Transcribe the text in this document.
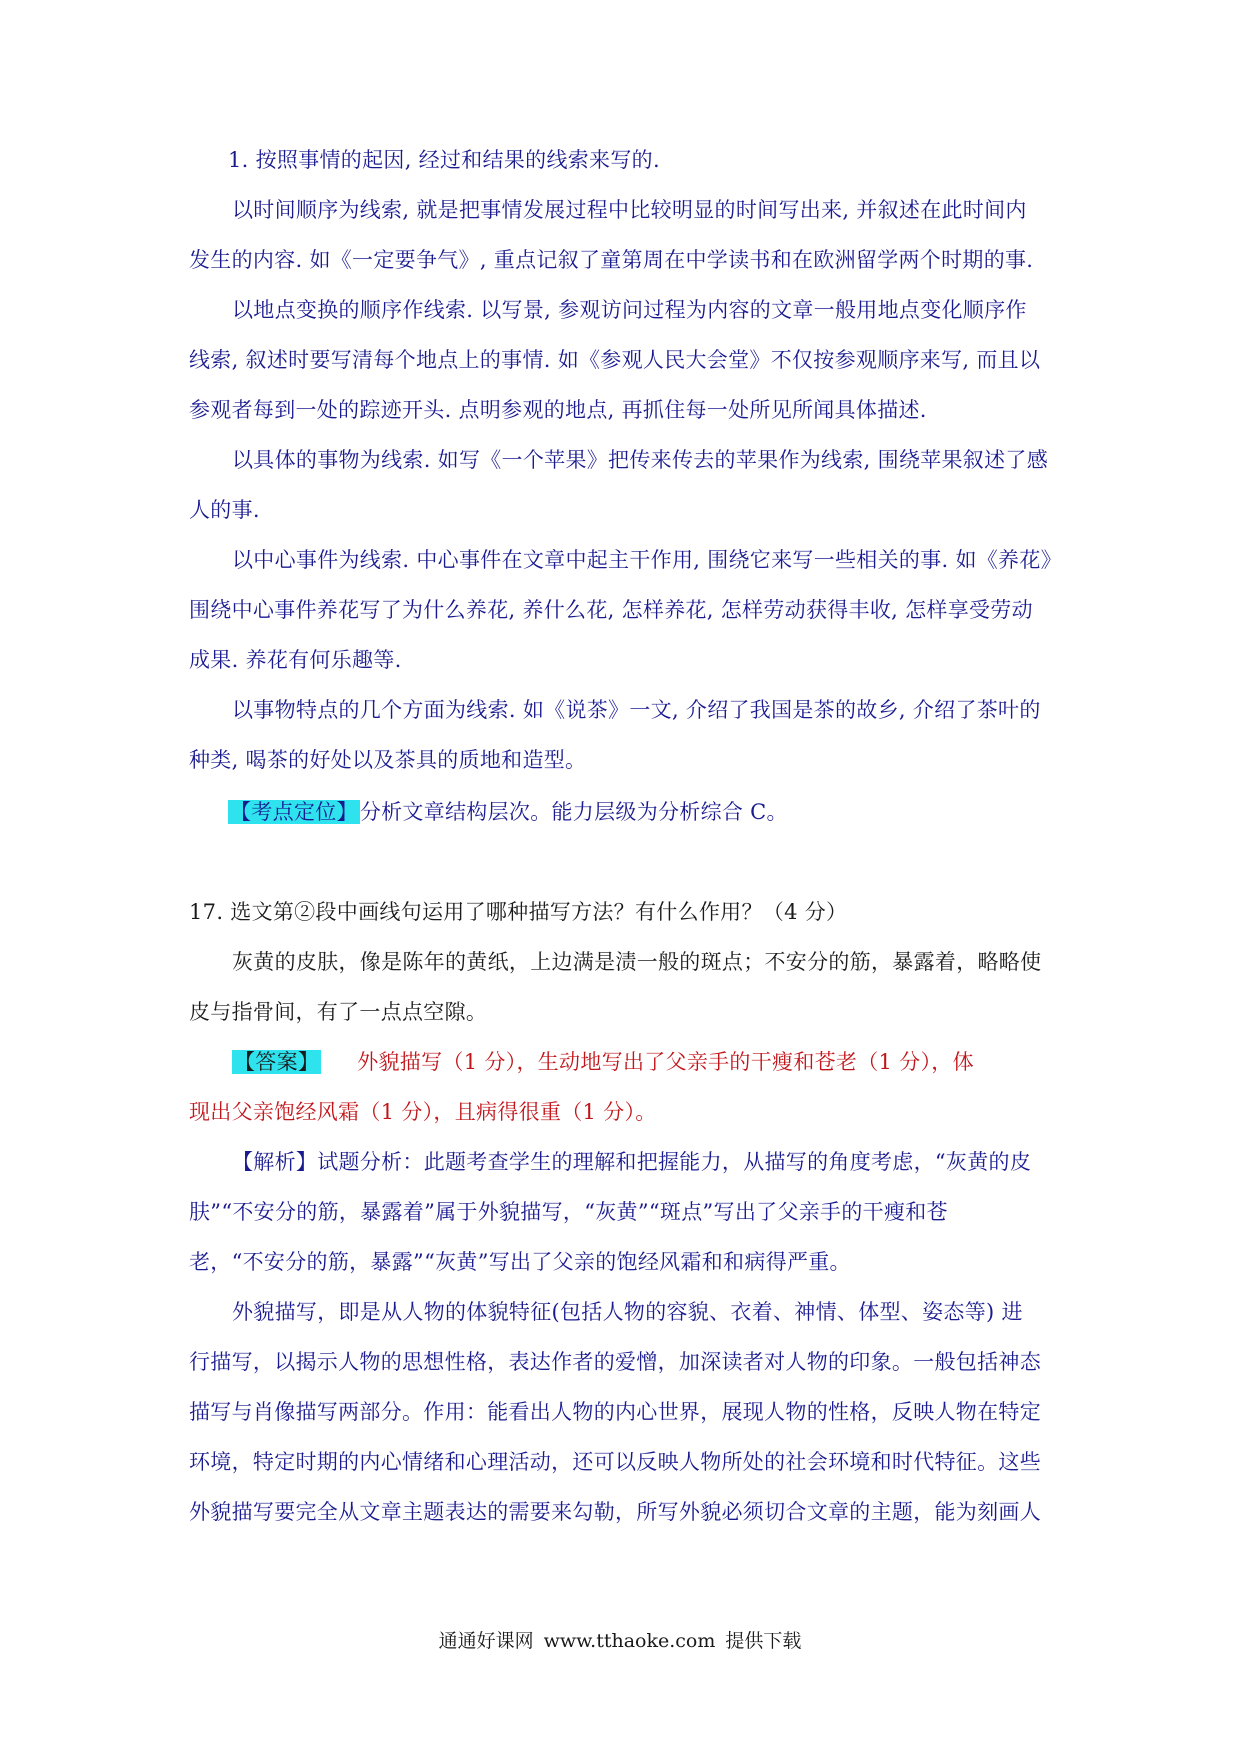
1. 按照事情的起因, 经过和结果的线索来写的.
以时间顺序为线索, 就是把事情发展过程中比较明显的时间写出来, 并叙述在此时间内
发生的内容. 如《一定要争气》, 重点记叙了童第周在中学读书和在欧洲留学两个时期的事.
以地点变换的顺序作线索. 以写景, 参观访问过程为内容的文章一般用地点变化顺序作
线索, 叙述时要写清每个地点上的事情. 如《参观人民大会堂》不仅按参观顺序来写, 而且以
参观者每到一处的踪迹开头. 点明参观的地点, 再抓住每一处所见所闻具体描述.
以具体的事物为线索. 如写《一个苹果》把传来传去的苹果作为线索, 围绕苹果叙述了感
人的事.
以中心事件为线索. 中心事件在文章中起主干作用, 围绕它来写一些相关的事. 如《养花》
围绕中心事件养花写了为什么养花, 养什么花, 怎样养花, 怎样劳动获得丰收, 怎样享受劳动
成果. 养花有何乐趣等.
以事物特点的几个方面为线索. 如《说茶》一文, 介绍了我国是茶的故乡, 介绍了茶叶的
种类, 喝茶的好处以及茶具的质地和造型。
【考点定位】分析文章结构层次。能力层级为分析综合 C。
17. 选文第②段中画线句运用了哪种描写方法？有什么作用？（4 分）
灰黄的皮肤，像是陈年的黄纸，上边满是渍一般的斑点；不安分的筋，暴露着，略略使
皮与指骨间，有了一点点空隙。
【答案】 外貌描写（1 分），生动地写出了父亲手的干瘦和苍老（1 分），体
现出父亲饱经风霜（1 分），且病得很重（1 分）。
【解析】试题分析：此题考查学生的理解和把握能力，从描写的角度考虑，“灰黄的皮
肤”“不安分的筋，暴露着”属于外貌描写，“灰黄”“斑点”写出了父亲手的干瘦和苍
老，“不安分的筋，暴露”“灰黄”写出了父亲的饱经风霜和和病得严重。
外貌描写，即是从人物的体貌特征(包括人物的容貌、衣着、神情、体型、姿态等) 进
行描写，以揭示人物的思想性格，表达作者的爱憎，加深读者对人物的印象。一般包括神态
描写与肖像描写两部分。作用：能看出人物的内心世界，展现人物的性格，反映人物在特定
环境，特定时期的内心情绪和心理活动，还可以反映人物所处的社会环境和时代特征。这些
外貌描写要完全从文章主题表达的需要来勾勒，所写外貌必须切合文章的主题，能为刻画人
通通好课网 www.tthaoke.com 提供下载
